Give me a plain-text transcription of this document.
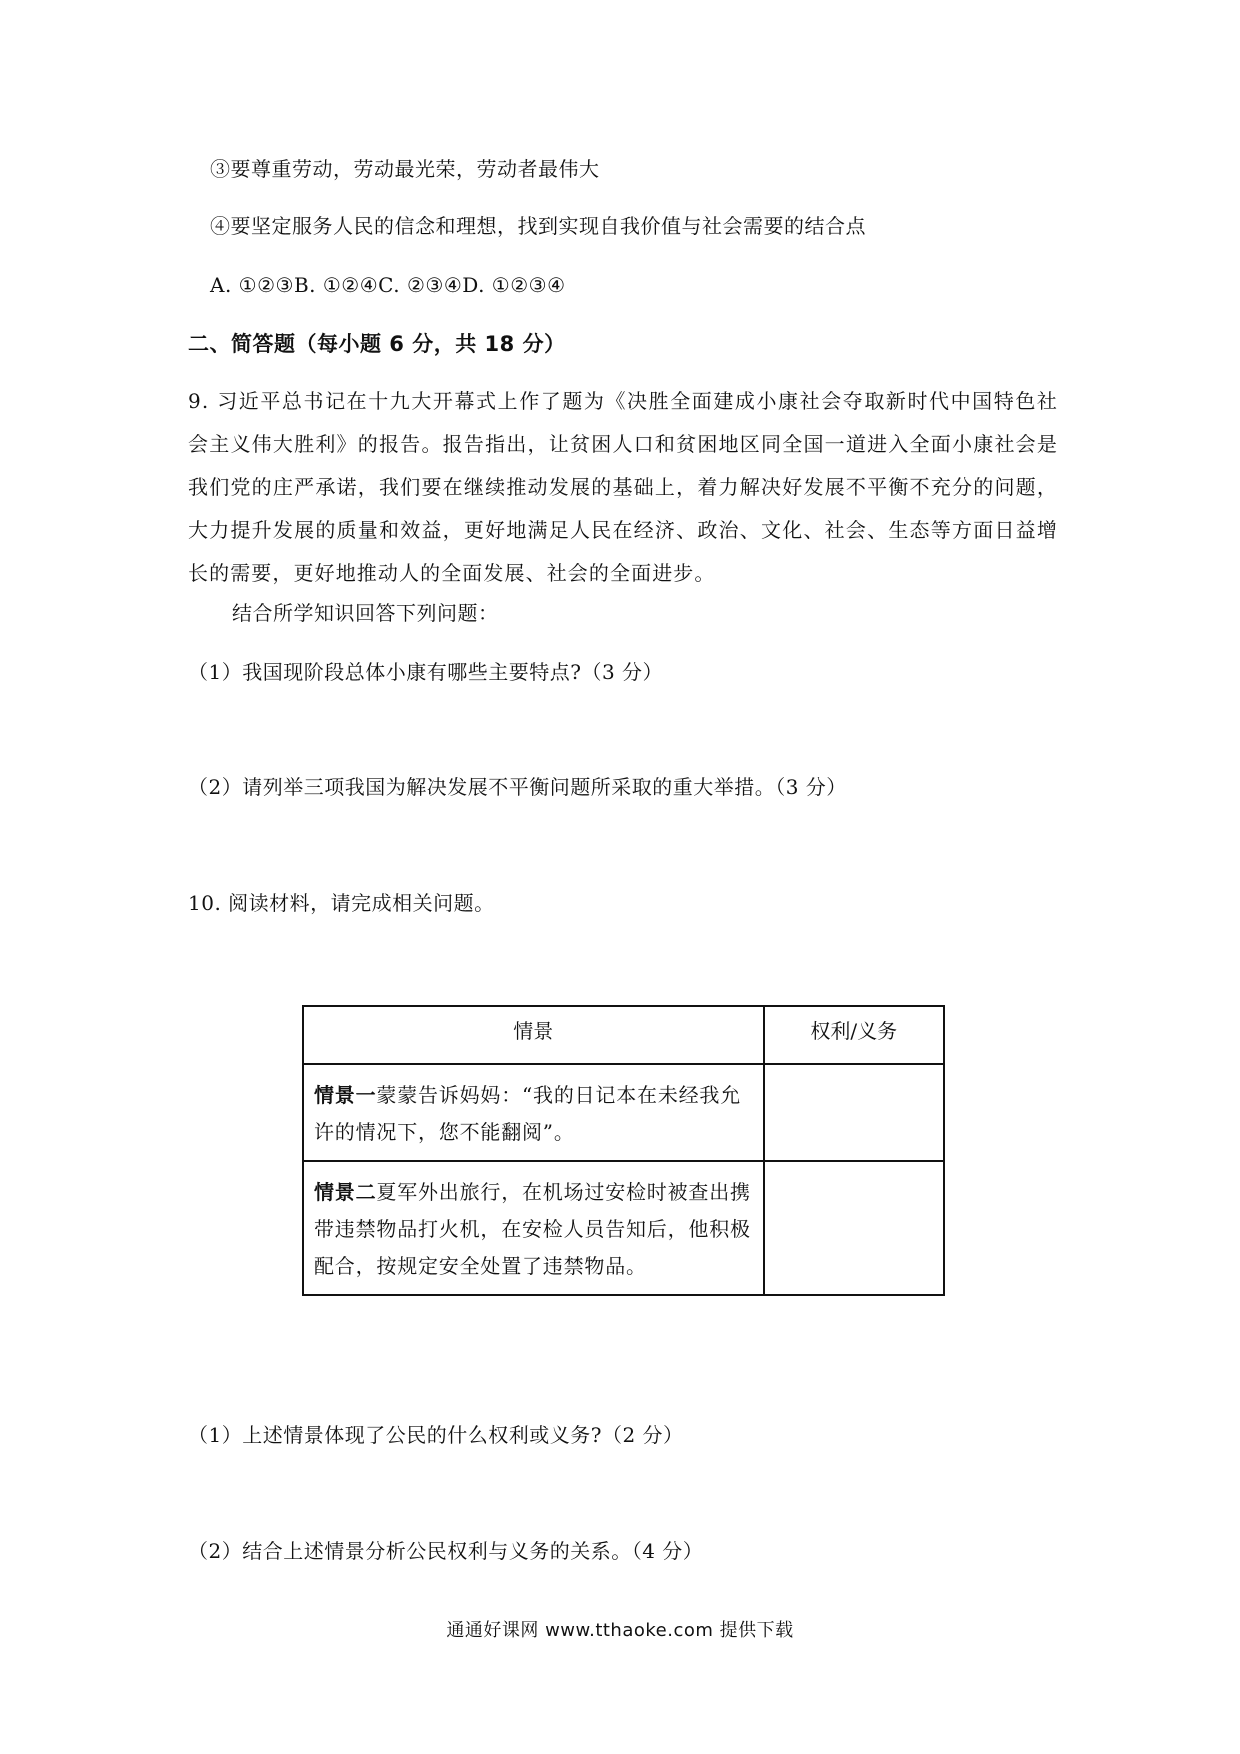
③要尊重劳动，劳动最光荣，劳动者最伟大
④要坚定服务人民的信念和理想，找到实现自我价值与社会需要的结合点
A. ①②③B. ①②④C. ②③④D. ①②③④
二、简答题（每小题 6 分，共 18 分）
9. 习近平总书记在十九大开幕式上作了题为《决胜全面建成小康社会夺取新时代中国特色社会主义伟大胜利》的报告。报告指出，让贫困人口和贫困地区同全国一道进入全面小康社会是我们党的庄严承诺，我们要在继续推动发展的基础上，着力解决好发展不平衡不充分的问题，大力提升发展的质量和效益，更好地满足人民在经济、政治、文化、社会、生态等方面日益增长的需要，更好地推动人的全面发展、社会的全面进步。
结合所学知识回答下列问题：
（1）我国现阶段总体小康有哪些主要特点?（3 分）
（2）请列举三项我国为解决发展不平衡问题所采取的重大举措。（3 分）
10. 阅读材料，请完成相关问题。
情景	权利/义务

情景一蒙蒙告诉妈妈：“我的日记本在未经我允许的情况下，您不能翻阅”。	

情景二夏军外出旅行，在机场过安检时被查出携带违禁物品打火机，在安检人员告知后，他积极配合，按规定安全处置了违禁物品。	

（1）上述情景体现了公民的什么权利或义务?（2 分）
（2）结合上述情景分析公民权利与义务的关系。（4 分）
通通好课网 www.tthaoke.com 提供下载
